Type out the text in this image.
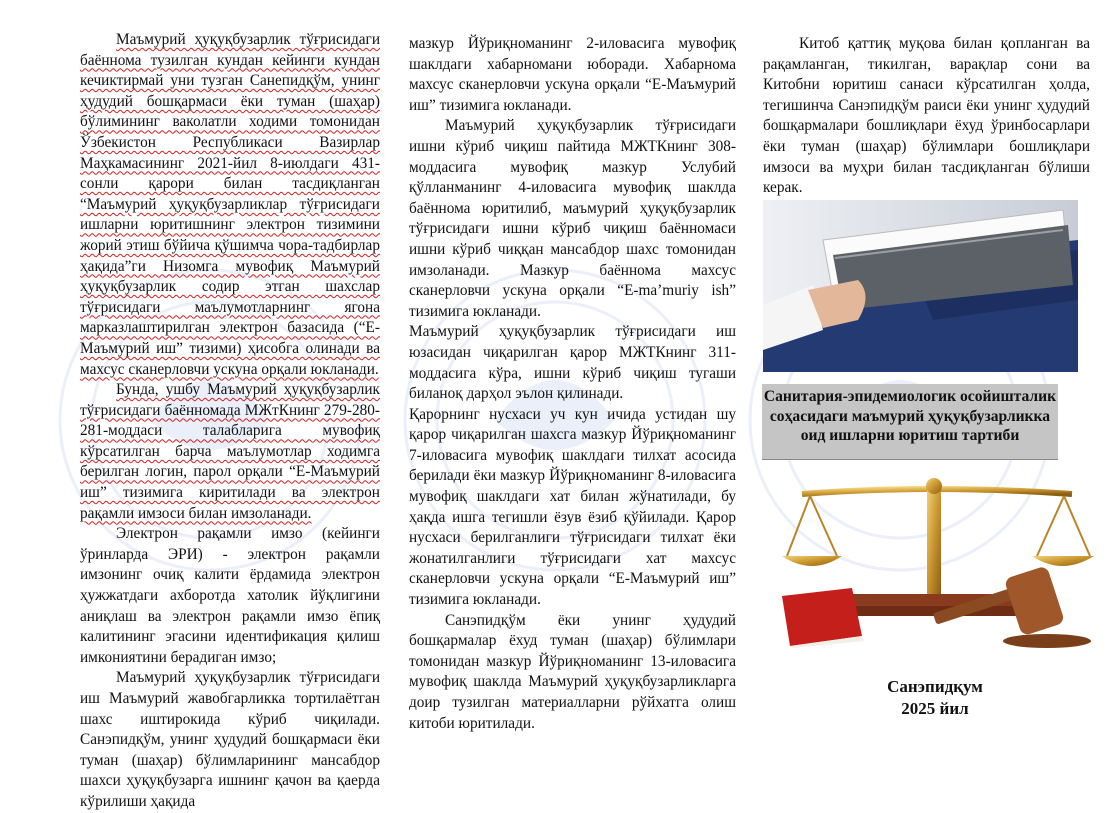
Маъмурий ҳуқуқбузарлик тўғрисидаги баённома тузилган кундан кейинги кундан кечиктирмай уни тузган Санепидқўм, унинг ҳудудий бошқармаси ёки туман (шаҳар) бўлимининг ваколатли ходими томонидан Ўзбекистон Республикаси Вазирлар Маҳкамасининг 2021-йил 8-июлдаги 431-сонли қарори билан тасдиқланган “Маъмурий ҳуқуқбузарликлар тўғрисидаги ишларни юритишнинг электрон тизимини жорий этиш бўйича қўшимча чора-тадбирлар ҳақида”ги Низомга мувофиқ Маъмурий ҳуқуқбузарлик содир этган шахслар тўғрисидаги маълумотларнинг ягона марказлаштирилган электрон базасида (“Е-Маъмурий иш” тизими) ҳисобга олинади ва махсус сканерловчи ускуна орқали юкланади.

Бунда, ушбу Маъмурий ҳуқуқбузарлик тўғрисидаги баённомада МЖтКнинг 279-280-281-моддаси талабларига мувофиқ кўрсатилган барча маълумотлар ходимга берилган логин, парол орқали “Е-Маъмурий иш” тизимига киритилади ва электрон рақамли имзоси билан имзоланади.

Электрон рақамли имзо (кейинги ўринларда ЭРИ) - электрон рақамли имзонинг очиқ калити ёрдамида электрон ҳужжатдаги ахборотда хатолик йўқлигини аниқлаш ва электрон рақамли имзо ёпиқ калитининг эгасини идентификация қилиш имкониятини берадиган имзо;

Маъмурий ҳуқуқбузарлик тўғрисидаги иш Маъмурий жавобгарликка тортилаётган шахс иштирокида кўриб чиқилади. Санэпидқўм, унинг ҳудудий бошқармаси ёки туман (шаҳар) бўлимларининг мансабдор шахси ҳуқуқбузарга ишнинг қачон ва қаерда кўрилиши ҳақида

мазкур Йўриқноманинг 2-иловасига мувофиқ шаклдаги хабарномани юборади. Хабарнома махсус сканерловчи ускуна орқали “Е-Маъмурий иш” тизимига юкланади.

Маъмурий ҳуқуқбузарлик тўғрисидаги ишни кўриб чиқиш пайтида МЖТКнинг 308-моддасига мувофиқ мазкур Услубий қўлланманинг 4-иловасига мувофиқ шаклда баённома юритилиб, маъмурий ҳуқуқбузарлик тўғрисидаги ишни кўриб чиқиш баённомаси ишни кўриб чиққан мансабдор шахс томонидан имзоланади. Мазкур баённома махсус сканерловчи ускуна орқали “E-ma’muriy ish” тизимига юкланади.

Маъмурий ҳуқуқбузарлик тўғрисидаги иш юзасидан чиқарилган қарор МЖТКнинг 311-моддасига кўра, ишни кўриб чиқиш тугаши биланоқ дарҳол эълон қилинади.

Қарорнинг нусхаси уч кун ичида устидан шу қарор чиқарилган шахсга мазкур Йўриқноманинг 7-иловасига мувофиқ шаклдаги тилхат асосида берилади ёки мазкур Йўриқноманинг 8-иловасига мувофиқ шаклдаги хат билан жўнатилади, бу ҳақда ишга тегишли ёзув ёзиб қўйилади. Қарор нусхаси берилганлиги тўғрисидаги тилхат ёки жонатилганлиги тўғрисидаги хат махсус сканерловчи ускуна орқали “Е-Маъмурий иш” тизимига юкланади.

Санэпидқўм ёки унинг ҳудудий бошқармалар ёхуд туман (шаҳар) бўлимлари томонидан мазкур Йўриқноманинг 13-иловасига мувофиқ шаклда Маъмурий ҳуқуқбузарликларга доир тузилган материалларни рўйхатга олиш китоби юритилади.

Китоб қаттиқ муқова билан қопланган ва рақамланган, тикилган, варақлар сони ва Китобни юритиш санаси кўрсатилган ҳолда, тегишинча Санэпидқўм раиси ёки унинг ҳудудий бошқармалари бошлиқлари ёхуд ўринбосарлари ёки туман (шаҳар) бўлимлари бошлиқлари имзоси ва муҳри билан тасдиқланган бўлиши керак.

Санитария-эпидемиологик осойишталик
соҳасидаги маъмурий ҳуқуқбузарликка
оид ишларни юритиш тартиби
Санэпидқум
2025 йил
